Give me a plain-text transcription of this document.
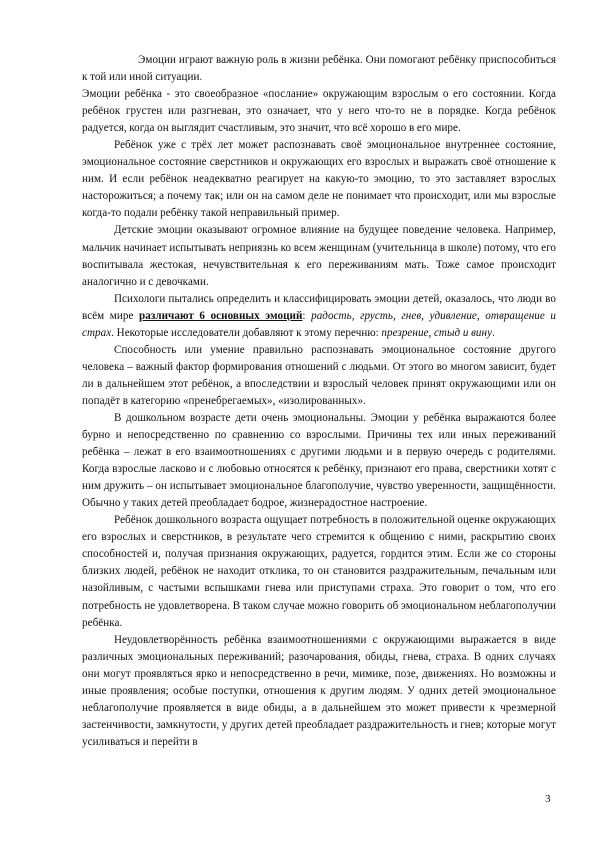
Эмоции играют важную роль в жизни ребёнка. Они помогают ребёнку приспособиться к той или иной ситуации.

Эмоции ребёнка - это своеобразное «послание» окружающим взрослым о его состоянии. Когда ребёнок грустен или разгневан, это означает, что у него что-то не в порядке. Когда ребёнок радуется, когда он выглядит счастливым, это значит, что всё хорошо в его мире.

Ребёнок уже с трёх лет может распознавать своё эмоциональное внутреннее состояние, эмоциональное состояние сверстников и окружающих его взрослых и выражать своё отношение к ним. И если ребёнок неадекватно реагирует на какую-то эмоцию, то это заставляет взрослых насторожиться; а почему так; или он на самом деле не понимает что происходит, или мы взрослые когда-то подали ребёнку такой неправильный пример.

Детские эмоции оказывают огромное влияние на будущее поведение человека. Например, мальчик начинает испытывать неприязнь ко всем женщинам (учительница в школе) потому, что его воспитывала жестокая, нечувствительная к его переживаниям мать. Тоже самое происходит аналогично и с девочками.

Психологи пытались определить и классифицировать эмоции детей, оказалось, что люди во всём мире различают 6 основных эмоций: радость, грусть, гнев, удивление, отвращение и страх. Некоторые исследователи добавляют к этому перечню: презрение, стыд и вину.

Способность или умение правильно распознавать эмоциональное состояние другого человека – важный фактор формирования отношений с людьми. От этого во многом зависит, будет ли в дальнейшем этот ребёнок, а впоследствии и взрослый человек принят окружающими или он попадёт в категорию «пренебрегаемых», «изолированных».

В дошкольном возрасте дети очень эмоциональны. Эмоции у ребёнка выражаются более бурно и непосредственно по сравнению со взрослыми. Причины тех или иных переживаний ребёнка – лежат в его взаимоотношениях с другими людьми и в первую очередь с родителями. Когда взрослые ласково и с любовью относятся к ребёнку, признают его права, сверстники хотят с ним дружить – он испытывает эмоциональное благополучие, чувство уверенности, защищённости. Обычно у таких детей преобладает бодрое, жизнерадостное настроение.

Ребёнок дошкольного возраста ощущает потребность в положительной оценке окружающих его взрослых и сверстников, в результате чего стремится к общению с ними, раскрытию своих способностей и, получая признания окружающих, радуется, гордится этим. Если же со стороны близких людей, ребёнок не находит отклика, то он становится раздражительным, печальным или назойливым, с частыми вспышками гнева или приступами страха. Это говорит о том, что его потребность не удовлетворена. В таком случае можно говорить об эмоциональном неблагополучии ребёнка.

Неудовлетворённость ребёнка взаимоотношениями с окружающими выражается в виде различных эмоциональных переживаний; разочарования, обиды, гнева, страха. В одних случаях они могут проявляться ярко и непосредственно в речи, мимике, позе, движениях. Но возможны и иные проявления; особые поступки, отношения к другим людям. У одних детей эмоциональное неблагополучие проявляется в виде обиды, а в дальнейшем это может привести к чрезмерной застенчивости, замкнутости, у других детей преобладает раздражительность и гнев; которые могут усиливаться и перейти в

3
